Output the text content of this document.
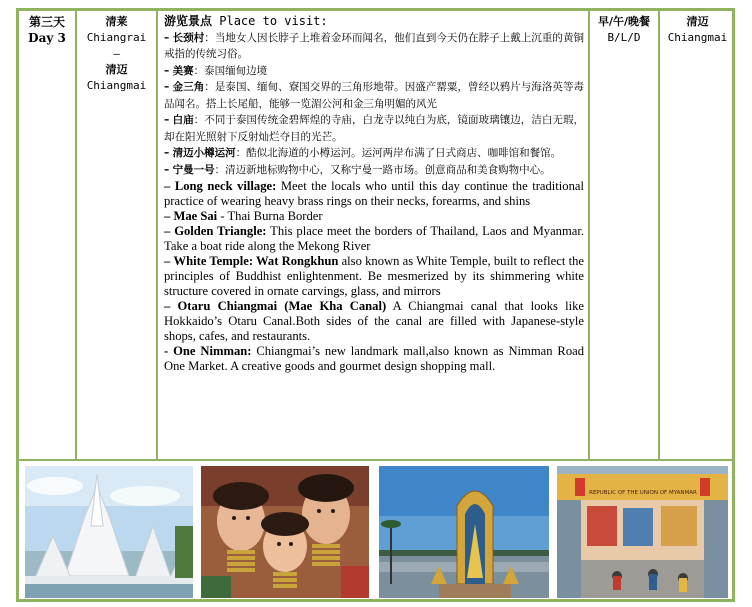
第三天
Day 3
清莱
Chiangrai
–
清迈
Chiangmai
游览景点 Place to visit:

– 长颈村：当地女人因长脖子上堆着金环而闻名，他们直到今天仍在脖子上戴上沉重的黄铜戒指的传统习俗。

– 美赛：泰国缅甸边境

– 金三角：是泰国、缅甸、寮国交界的三角形地带。因盛产罂粟，曾经以鸦片与海洛英等毒品闻名。搭上长尾船，能够一览湄公河和金三角明媚的风光

– 白庙：不同于泰国传统金碧辉煌的寺庙，白龙寺以纯白为底，镜面玻璃镶边，洁白无瑕，却在阳光照射下反射灿烂夺目的光芒。

– 清迈小樽运河：酷似北海道的小樽运河。运河两岸布满了日式商店、咖啡馆和餐馆。

– 宁曼一号：清迈新地标购物中心，又称宁曼一路市场。创意商品和美食购物中心。

– Long neck village: Meet the locals who until this day continue the traditional practice of wearing heavy brass rings on their necks, forearms, and shins

– Mae Sai - Thai Burna Border

– Golden Triangle: This place meet the borders of Thailand, Laos and Myanmar. Take a boat ride along the Mekong River

– White Temple: Wat Rongkhun also known as White Temple, built to reflect the principles of Buddhist enlightenment. Be mesmerized by its shimmering white structure covered in ornate carvings, glass, and mirrors

– Otaru Chiangmai (Mae Kha Canal) A Chiangmai canal that looks like Hokkaido’s Otaru Canal.Both sides of the canal are filled with Japanese-style shops, cafes, and restaurants.

- One Nimman: Chiangmai’s new landmark mall,also known as Nimman Road One Market. A creative goods and gourmet design shopping mall.

早/午/晚餐
B/L/D
清迈
Chiangmai
REPUBLIC OF THE UNION OF MYANMAR
